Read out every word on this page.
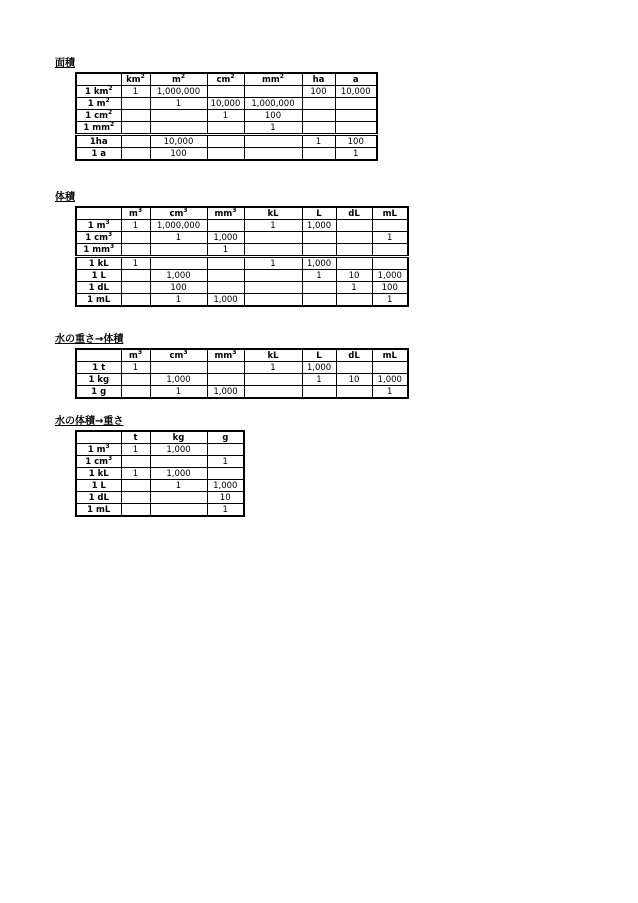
面積
	$km^2$	$m^2$	$cm^2$	$mm^2$	ha	a
1 $km^2$	1	1,000,000			100	10,000
1 $m^2$		1	10,000	1,000,000		
1 $cm^2$			1	100		
1 $mm^2$				1		
1ha		10,000			1	100
1 a		100				1
体積
	$m^3$	$cm^3$	$mm^3$	kL	L	dL	mL
1 $m^3$	1	1,000,000		1	1,000		
1 $cm^3$		1	1,000				1
1 $mm^3$			1				
1 kL	1			1	1,000		
1 L		1,000			1	10	1,000
1 dL		100				1	100
1 mL		1	1,000				1
水の重さ→体積
	$m^3$	$cm^3$	$mm^3$	kL	L	dL	mL
1 t	1			1	1,000		
1 kg		1,000			1	10	1,000
1 g		1	1,000				1
水の体積→重さ
	t	kg	g
1 $m^3$	1	1,000	
1 $cm^3$			1
1 kL	1	1,000	
1 L		1	1,000
1 dL			10
1 mL			1
